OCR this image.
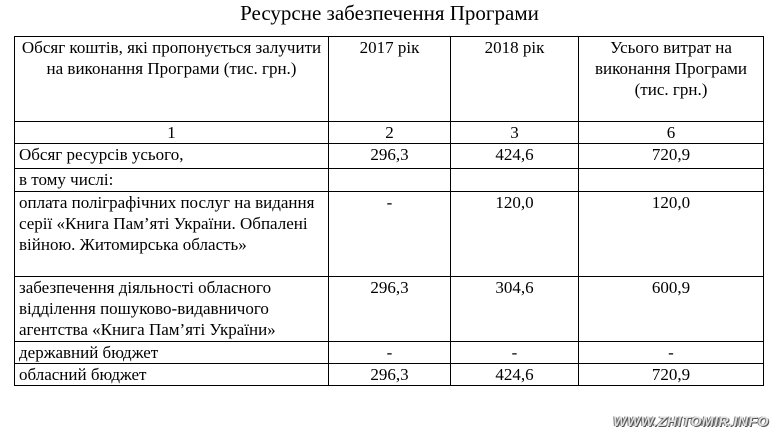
Ресурсне забезпечення Програми
Обсяг коштів, які пропонується залучити на виконання Програми (тис. грн.)	2017 рік	2018 рік	Усього витрат на виконання Програми (тис. грн.)
1	2	3	6
Обсяг ресурсів усього,	296,3	424,6	720,9
в тому числі:			
оплата поліграфічних послуг на видання серії «Книга Пам’яті України. Обпалені війною. Житомирська область»	-	120,0	120,0
забезпечення діяльності обласного відділення пошуково-видавничого агентства «Книга Пам’яті України»	296,3	304,6	600,9
державний бюджет	-	-	-
обласний бюджет	296,3	424,6	720,9
WWW.ZHITOMIR.INFO
